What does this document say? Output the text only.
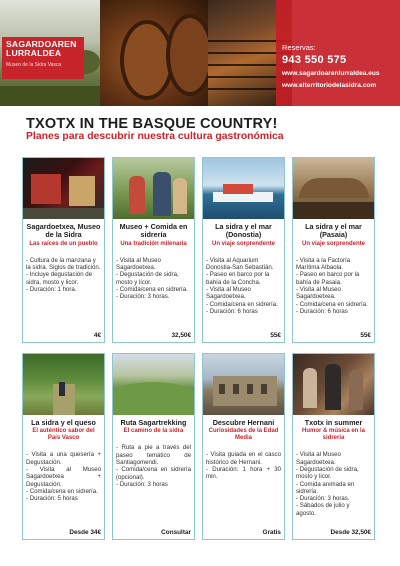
SAGARDOAREN
LURRALDEA
Museo de la Sidra Vasca
Reservas:
943 550 575
www.sagardoarenlurraldea.eus
www.elterritoriodelasidra.com
TXOTX IN THE BASQUE COUNTRY!
Planes para descubrir nuestra cultura gastronómica
Sagardoetxea, Museo de la Sidra
Las raíces de un pueblo
- Cultura de la manzana y la sidra. Siglos de tradición.
- Incluye degustación de sidra, mosto y licor.
- Duración: 1 hora.
4€
Museo + Comida en sidrería
Una tradición milenaria
- Visita al Museo Sagardoetxea.
- Degustación de sidra, mosto y licor.
- Comida/cena en sidrería.
- Duración: 3 horas.
32,50€
La sidra y el mar (Donostia)
Un viaje sorprendente
- Visita al Aquarium Donostia-San Sebastián.
- Paseo en barco por la bahía de la Concha.
- Visita al Museo Sagardoetxea.
- Comida/cena en sidrería.
- Duración: 6 horas
55€
La sidra y el mar (Pasaia)
Un viaje sorprendente
- Visita a la Factoría Marítima Albaola.
- Paseo en barco por la bahía de Pasaia.
- Visita al Museo Sagardoetxea.
- Comida/cena en sidrería.
- Duración: 6 horas
55€
La sidra y el queso
El auténtico sabor del País Vasco
- Visita a una quesería + Degustación.
- Visita al Museo Sagardoetxea + Degustación.
- Comida/cena en sidrería.
- Duración: 5 horas
Desde 34€
Ruta Sagartrekking
El camino de la sidra
- Ruta a pie a través del paseo temático de Santiagomendi.
- Comida/cena en sidrería (opcional).
- Duración: 3 horas
Consultar
Descubre Hernani
Curiosidades de la Edad Media
- Visita guiada en el casco histórico de Hernani.
- Duración: 1 hora + 30 min.
Gratis
Txotx in summer
Humor & música en la sidrería
- Visita al Museo Sagardoetxea.
- Degustación de sidra, mosto y licor.
- Comida animada en sidrería.
- Duración: 3 horas.
- Sábados de julio y agosto.
Desde 32,50€
